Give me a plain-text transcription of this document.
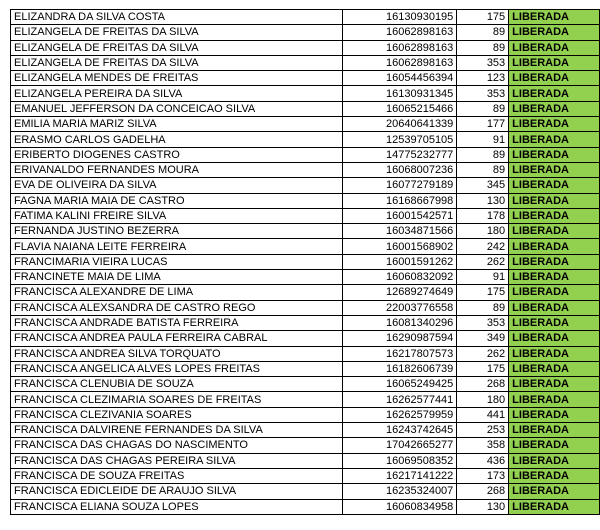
ELIZANDRA DA SILVA COSTA	16130930195	175	LIBERADA
ELIZANGELA DE FREITAS DA SILVA	16062898163	89	LIBERADA
ELIZANGELA DE FREITAS DA SILVA	16062898163	89	LIBERADA
ELIZANGELA DE FREITAS DA SILVA	16062898163	353	LIBERADA
ELIZANGELA MENDES DE FREITAS	16054456394	123	LIBERADA
ELIZANGELA PEREIRA DA SILVA	16130931345	353	LIBERADA
EMANUEL JEFFERSON DA CONCEICAO SILVA	16065215466	89	LIBERADA
EMILIA MARIA MARIZ SILVA	20640641339	177	LIBERADA
ERASMO CARLOS GADELHA	12539705105	91	LIBERADA
ERIBERTO DIOGENES CASTRO	14775232777	89	LIBERADA
ERIVANALDO FERNANDES MOURA	16068007236	89	LIBERADA
EVA DE OLIVEIRA DA SILVA	16077279189	345	LIBERADA
FAGNA MARIA MAIA DE CASTRO	16168667998	130	LIBERADA
FATIMA KALINI FREIRE SILVA	16001542571	178	LIBERADA
FERNANDA JUSTINO BEZERRA	16034871566	180	LIBERADA
FLAVIA NAIANA LEITE FERREIRA	16001568902	242	LIBERADA
FRANCIMARIA VIEIRA LUCAS	16001591262	262	LIBERADA
FRANCINETE MAIA DE LIMA	16060832092	91	LIBERADA
FRANCISCA ALEXANDRE DE LIMA	12689274649	175	LIBERADA
FRANCISCA ALEXSANDRA DE CASTRO REGO	22003776558	89	LIBERADA
FRANCISCA ANDRADE BATISTA FERREIRA	16081340296	353	LIBERADA
FRANCISCA ANDREA PAULA FERREIRA CABRAL	16290987594	349	LIBERADA
FRANCISCA ANDREA SILVA TORQUATO	16217807573	262	LIBERADA
FRANCISCA ANGELICA ALVES LOPES FREITAS	16182606739	175	LIBERADA
FRANCISCA CLENUBIA DE SOUZA	16065249425	268	LIBERADA
FRANCISCA CLEZIMARIA SOARES DE FREITAS	16262577441	180	LIBERADA
FRANCISCA CLEZIVANIA SOARES	16262579959	441	LIBERADA
FRANCISCA DALVIRENE FERNANDES DA SILVA	16243742645	253	LIBERADA
FRANCISCA DAS CHAGAS DO NASCIMENTO	17042665277	358	LIBERADA
FRANCISCA DAS CHAGAS PEREIRA SILVA	16069508352	436	LIBERADA
FRANCISCA DE SOUZA FREITAS	16217141222	173	LIBERADA
FRANCISCA EDICLEIDE DE ARAUJO SILVA	16235324007	268	LIBERADA
FRANCISCA ELIANA SOUZA LOPES	16060834958	130	LIBERADA
